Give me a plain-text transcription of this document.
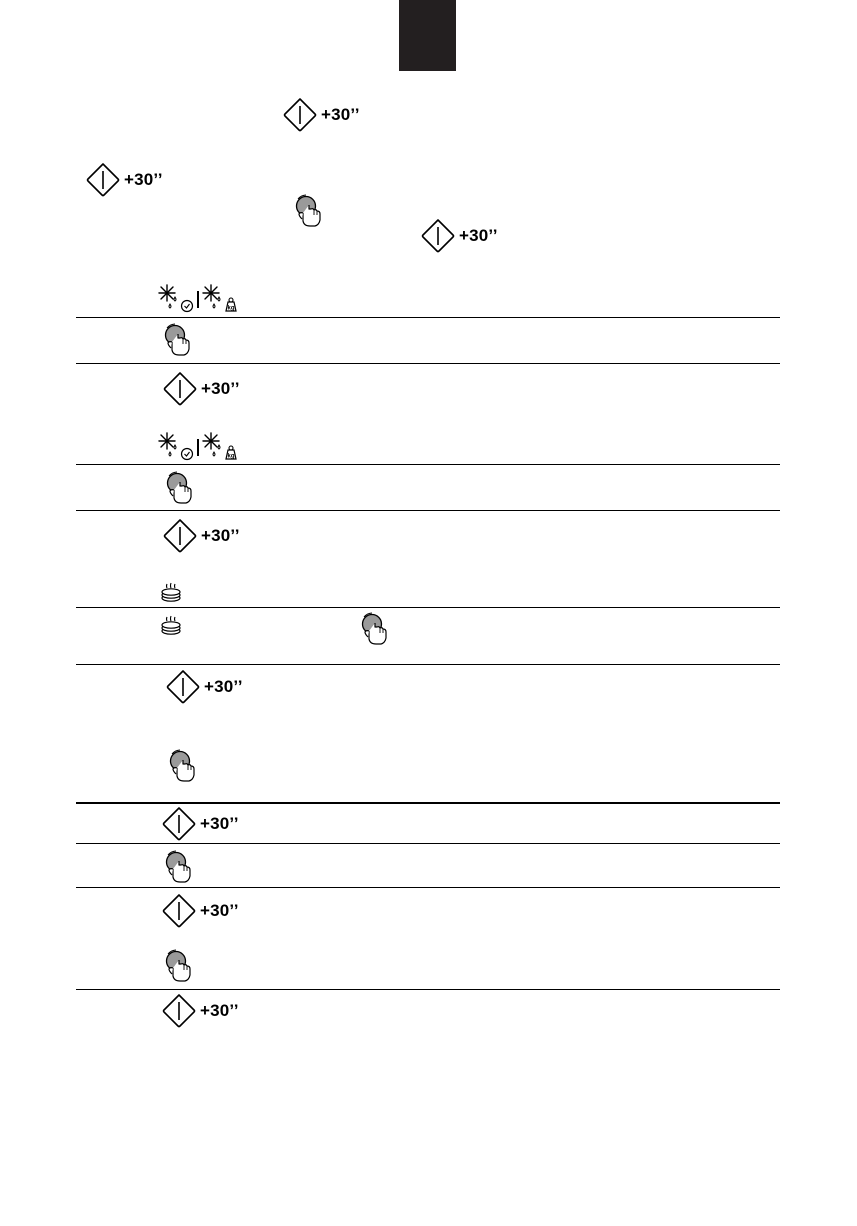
+30’’
+30’’
+30’’
kg
+30’’
kg
+30’’
+30’’
+30’’
+30’’
+30’’
